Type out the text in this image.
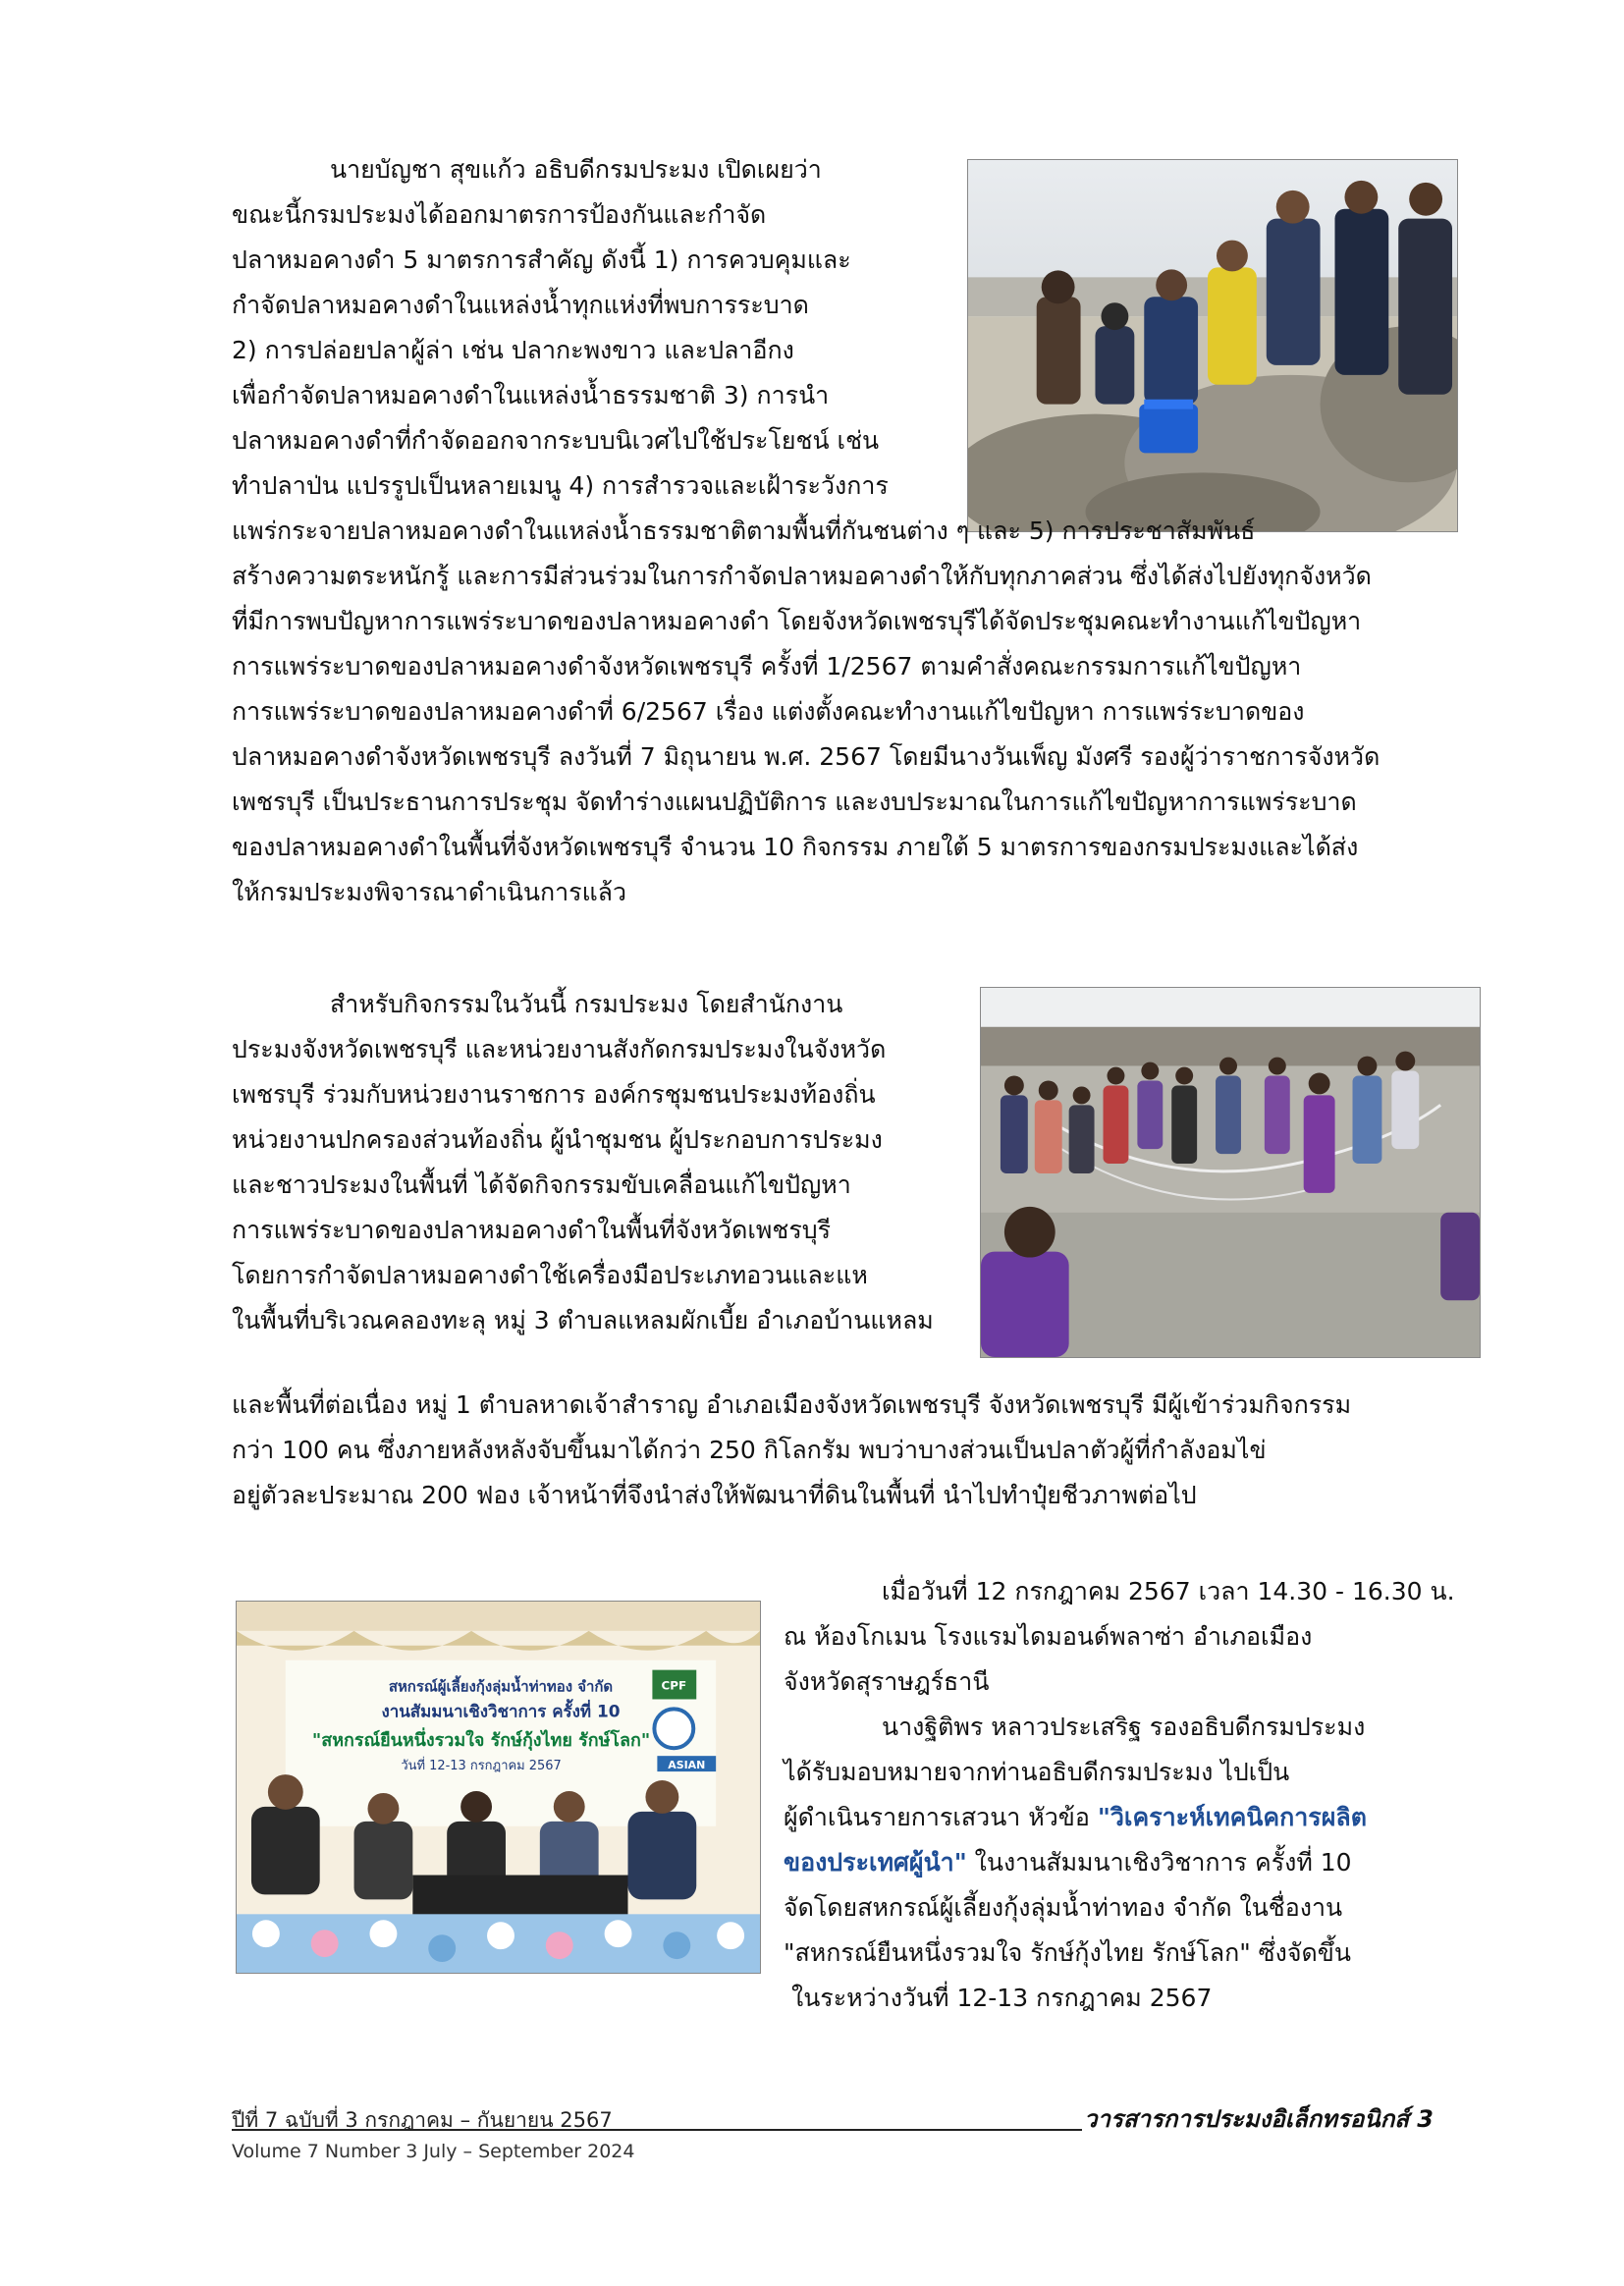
นายบัญชา สุขแก้ว อธิบดีกรมประมง เปิดเผยว่า
ขณะนี้กรมประมงได้ออกมาตรการป้องกันและกำจัด
ปลาหมอคางดำ 5 มาตรการสำคัญ ดังนี้ 1) การควบคุมและ
กำจัดปลาหมอคางดำในแหล่งน้ำทุกแห่งที่พบการระบาด
2) การปล่อยปลาผู้ล่า เช่น ปลากะพงขาว และปลาอีกง
เพื่อกำจัดปลาหมอคางดำในแหล่งน้ำธรรมชาติ 3) การนำ
ปลาหมอคางดำที่กำจัดออกจากระบบนิเวศไปใช้ประโยชน์ เช่น
ทำปลาป่น แปรรูปเป็นหลายเมนู 4) การสำรวจและเฝ้าระวังการ
แพร่กระจายปลาหมอคางดำในแหล่งน้ำธรรมชาติตามพื้นที่กันชนต่าง ๆ และ 5) การประชาสัมพันธ์
สร้างความตระหนักรู้ และการมีส่วนร่วมในการกำจัดปลาหมอคางดำให้กับทุกภาคส่วน ซึ่งได้ส่งไปยังทุกจังหวัด
ที่มีการพบปัญหาการแพร่ระบาดของปลาหมอคางดำ โดยจังหวัดเพชรบุรีได้จัดประชุมคณะทำงานแก้ไขปัญหา
การแพร่ระบาดของปลาหมอคางดำจังหวัดเพชรบุรี ครั้งที่ 1/2567 ตามคำสั่งคณะกรรมการแก้ไขปัญหา
การแพร่ระบาดของปลาหมอคางดำที่ 6/2567 เรื่อง แต่งตั้งคณะทำงานแก้ไขปัญหา การแพร่ระบาดของ
ปลาหมอคางดำจังหวัดเพชรบุรี ลงวันที่ 7 มิถุนายน พ.ศ. 2567 โดยมีนางวันเพ็ญ มังศรี รองผู้ว่าราชการจังหวัด
เพชรบุรี เป็นประธานการประชุม จัดทำร่างแผนปฏิบัติการ และงบประมาณในการแก้ไขปัญหาการแพร่ระบาด
ของปลาหมอคางดำในพื้นที่จังหวัดเพชรบุรี จำนวน 10 กิจกรรม ภายใต้ 5 มาตรการของกรมประมงและได้ส่ง
ให้กรมประมงพิจารณาดำเนินการแล้ว
สำหรับกิจกรรมในวันนี้ กรมประมง โดยสำนักงาน
ประมงจังหวัดเพชรบุรี และหน่วยงานสังกัดกรมประมงในจังหวัด
เพชรบุรี ร่วมกับหน่วยงานราชการ องค์กรชุมชนประมงท้องถิ่น
หน่วยงานปกครองส่วนท้องถิ่น ผู้นำชุมชน ผู้ประกอบการประมง
และชาวประมงในพื้นที่ ได้จัดกิจกรรมขับเคลื่อนแก้ไขปัญหา
การแพร่ระบาดของปลาหมอคางดำในพื้นที่จังหวัดเพชรบุรี
โดยการกำจัดปลาหมอคางดำใช้เครื่องมือประเภทอวนและแห
ในพื้นที่บริเวณคลองทะลุ หมู่ 3 ตำบลแหลมผักเบี้ย อำเภอบ้านแหลม
และพื้นที่ต่อเนื่อง หมู่ 1 ตำบลหาดเจ้าสำราญ อำเภอเมืองจังหวัดเพชรบุรี จังหวัดเพชรบุรี มีผู้เข้าร่วมกิจกรรม
กว่า 100 คน ซึ่งภายหลังหลังจับขึ้นมาได้กว่า 250 กิโลกรัม พบว่าบางส่วนเป็นปลาตัวผู้ที่กำลังอมไข่
อยู่ตัวละประมาณ 200 ฟอง เจ้าหน้าที่จึงนำส่งให้พัฒนาที่ดินในพื้นที่ นำไปทำปุ๋ยชีวภาพต่อไป
สหกรณ์ผู้เลี้ยงกุ้งลุ่มน้ำท่าทอง จำกัด
งานสัมมนาเชิงวิชาการ ครั้งที่ 10
"สหกรณ์ยืนหนึ่งรวมใจ รักษ์กุ้งไทย รักษ์โลก"
วันที่ 12-13 กรกฎาคม 2567
CPF
ASIAN
เมื่อวันที่ 12 กรกฎาคม 2567 เวลา 14.30 - 16.30 น.
ณ ห้องโกเมน โรงแรมไดมอนด์พลาซ่า อำเภอเมือง
จังหวัดสุราษฎร์ธานี
นางฐิติพร หลาวประเสริฐ รองอธิบดีกรมประมง
ได้รับมอบหมายจากท่านอธิบดีกรมประมง ไปเป็น
ผู้ดำเนินรายการเสวนา หัวข้อ "วิเคราะห์เทคนิคการผลิต
ของประเทศผู้นำ" ในงานสัมมนาเชิงวิชาการ ครั้งที่ 10
จัดโดยสหกรณ์ผู้เลี้ยงกุ้งลุ่มน้ำท่าทอง จำกัด ในชื่องาน
"สหกรณ์ยืนหนึ่งรวมใจ รักษ์กุ้งไทย รักษ์โลก" ซึ่งจัดขึ้น
ในระหว่างวันที่ 12-13 กรกฎาคม 2567
ปีที่ 7 ฉบับที่ 3 กรกฎาคม – กันยายน 2567	วารสารการประมงอิเล็กทรอนิกส์ 3
Volume 7 Number 3 July – September 2024
